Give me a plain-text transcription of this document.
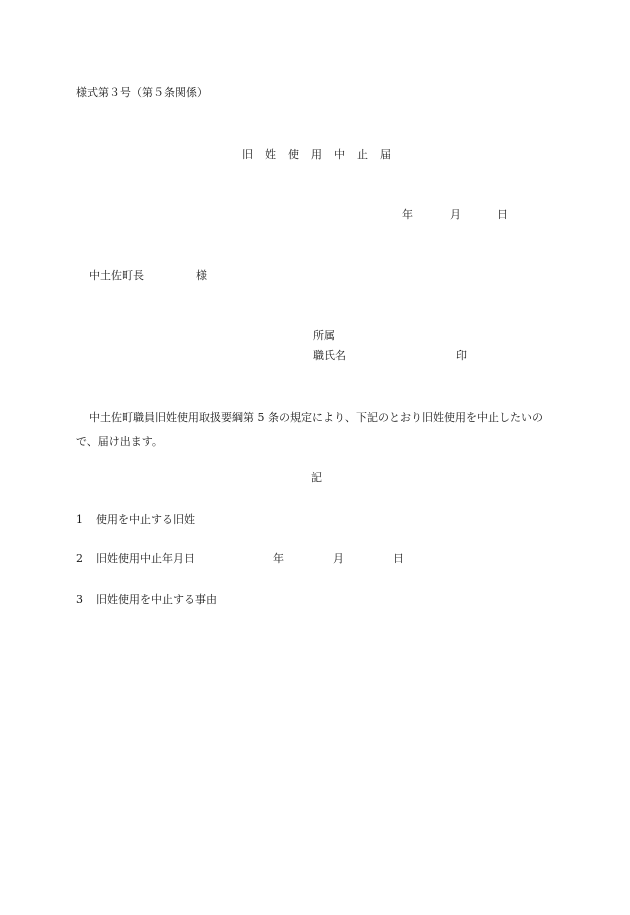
様式第３号（第５条関係）
旧 姓 使 用 中 止 届
年	月	日
中土佐町長	様
所属
職氏名	印
中土佐町職員旧姓使用取扱要綱第 5 条の規定により、下記のとおり旧姓使用を中止したいので、届け出ます。
記
1 使用を中止する旧姓
2 旧姓使用中止年月日	年	月	日
3 旧姓使用を中止する事由
